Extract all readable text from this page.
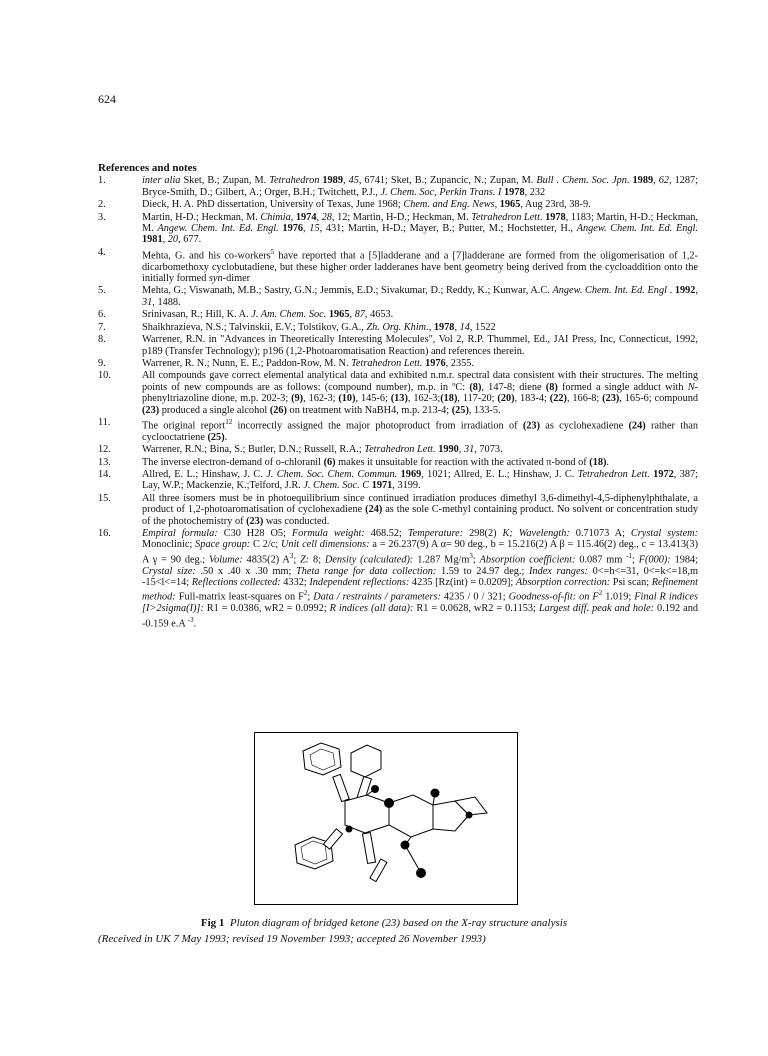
624
References and notes
1.	inter alia Sket, B.; Zupan, M. Tetrahedron 1989, 45, 6741; Sket, B.; Zupancic, N.; Zupan, M. Bull . Chem. Soc. Jpn. 1989, 62, 1287; Bryce-Smith, D.; Gilbert, A.; Orger, B.H.; Twitchett, P.J., J. Chem. Soc, Perkin Trans. I 1978, 232
2.	Dieck, H. A. PhD dissertation, University of Texas, June 1968; Chem. and Eng. News, 1965, Aug 23rd, 38-9.
3.	Martin, H-D.; Heckman, M. Chimia, 1974, 28, 12; Martin, H-D.; Heckman, M. Tetrahedron Lett. 1978, 1183; Martin, H-D.; Heckman, M. Angew. Chem. Int. Ed. Engl. 1976, 15, 431; Martin, H-D.; Mayer, B.; Putter, M.; Hochstetter, H., Angew. Chem. Int. Ed. Engl. 1981, 20, 677.
4.	Mehta, G. and his co-workers$^5$ have reported that a [5]ladderane and a [7]ladderane are formed from the oligomerisation of 1,2-dicarbomethoxy cyclobutadiene, but these higher order ladderanes have bent geometry being derived from the cycloaddition onto the initially formed syn-dimer
5.	Mehta, G.; Viswanath, M.B.; Sastry, G.N.; Jemmis, E.D.; Sivakumar, D.; Reddy, K.; Kunwar, A.C. Angew. Chem. Int. Ed. Engl . 1992, 31, 1488.
6.	Srinivasan, R.; Hill, K. A. J. Am. Chem. Soc. 1965, 87, 4653.
7.	Shaikhrazieva, N.S.; Talvinskii, E.V.; Tolstikov, G.A., Zh. Org. Khim., 1978, 14, 1522
8.	Warrener, R.N. in "Advances in Theoretically Interesting Molecules", Vol 2, R.P. Thummel, Ed., JAI Press, Inc, Connecticut, 1992, p189 (Transfer Technology); p196 (1,2-Photoaromatisation Reaction) and references therein.
9.	Warrener, R. N.; Nunn, E. E.; Paddon-Row, M. N. Tetrahedron Lett. 1976, 2355.
10.	All compounds gave correct elemental analytical data and exhibited n.m.r. spectral data consistent with their structures. The melting points of new compounds are as follows: (compound number), m.p. in ºC: (8), 147-8; diene (8) formed a single adduct with N-phenyltriazoline dione, m.p. 202-3; (9), 162-3; (10), 145-6; (13), 162-3;(18), 117-20; (20), 183-4; (22), 166-8; (23), 165-6; compound (23) produced a single alcohol (26) on treatment with NaBH4, m.p. 213-4; (25), 133-5.
11.	The original report$^{12}$ incorrectly assigned the major photoproduct from irradiation of (23) as cyclohexadiene (24) rather than cyclooctatriene (25).
12.	Warrener, R.N.; Bina, S.; Butler, D.N.; Russell, R.A.; Tetrahedron Lett. 1990, 31, 7073.
13.	The inverse electron-demand of o-chloranil (6) makes it unsuitable for reaction with the activated π-bond of (18).
14.	Allred, E. L.; Hinshaw, J. C. J. Chem. Soc. Chem. Commun. 1969, 1021; Allred, E. L.; Hinshaw, J. C. Tetrahedron Lett. 1972, 387; Lay, W.P.; Mackenzie, K.;Telford, J.R. J. Chem. Soc. C 1971, 3199.
15.	All three isomers must be in photoequilibrium since continued irradiation produces dimethyl 3,6-dimethyl-4,5-diphenylphthalate, a product of 1,2-photoaromatisation of cyclohexadiene (24) as the sole C-methyl containing product. No solvent or concentration study of the photochemistry of (23) was conducted.
16.	Empiral formula: C30 H28 O5; Formula weight: 468.52; Temperature: 298(2) K; Wavelength: 0.71073 A; Crystal system: Monoclinic; Space group: C 2/c; Unit cell dimensions: a = 26.237(9) A α= 90 deg., b = 15.216(2) A β = 115.46(2) deg., c = 13.413(3) A γ = 90 deg.; Volume: 4835(2) $A^3$; Z: 8; Density (calculated): 1.287 $Mg/m^3$; Absorption coefficient: 0.087 mm $^{-1}$; F(000): 1984; Crystal size: .50 x .40 x .30 mm; Theta range for data collection: 1.59 to 24.97 deg.; Index ranges: 0<=h<=31, 0<=k<=18,m -15<l<=14; Reflections collected: 4332; Independent reflections: 4235 [Rz(int) = 0.0209]; Absorption correction: Psi scan; Refinement method: Full-matrix least-squares on $F^2$; Data / restraints / parameters: 4235 / 0 / 321; Goodness-of-fit: on $F^2$ 1.019; Final R indices [I>2sigma(I)]: R1 = 0.0386, wR2 = 0.0992; R indices (all data): R1 = 0.0628, wR2 = 0.1153; Largest diff. peak and hole: 0.192 and -0.159 e.A $^{-3}$.
Fig 1 Pluton diagram of bridged ketone (23) based on the X-ray structure analysis
(Received in UK 7 May 1993; revised 19 November 1993; accepted 26 November 1993)
